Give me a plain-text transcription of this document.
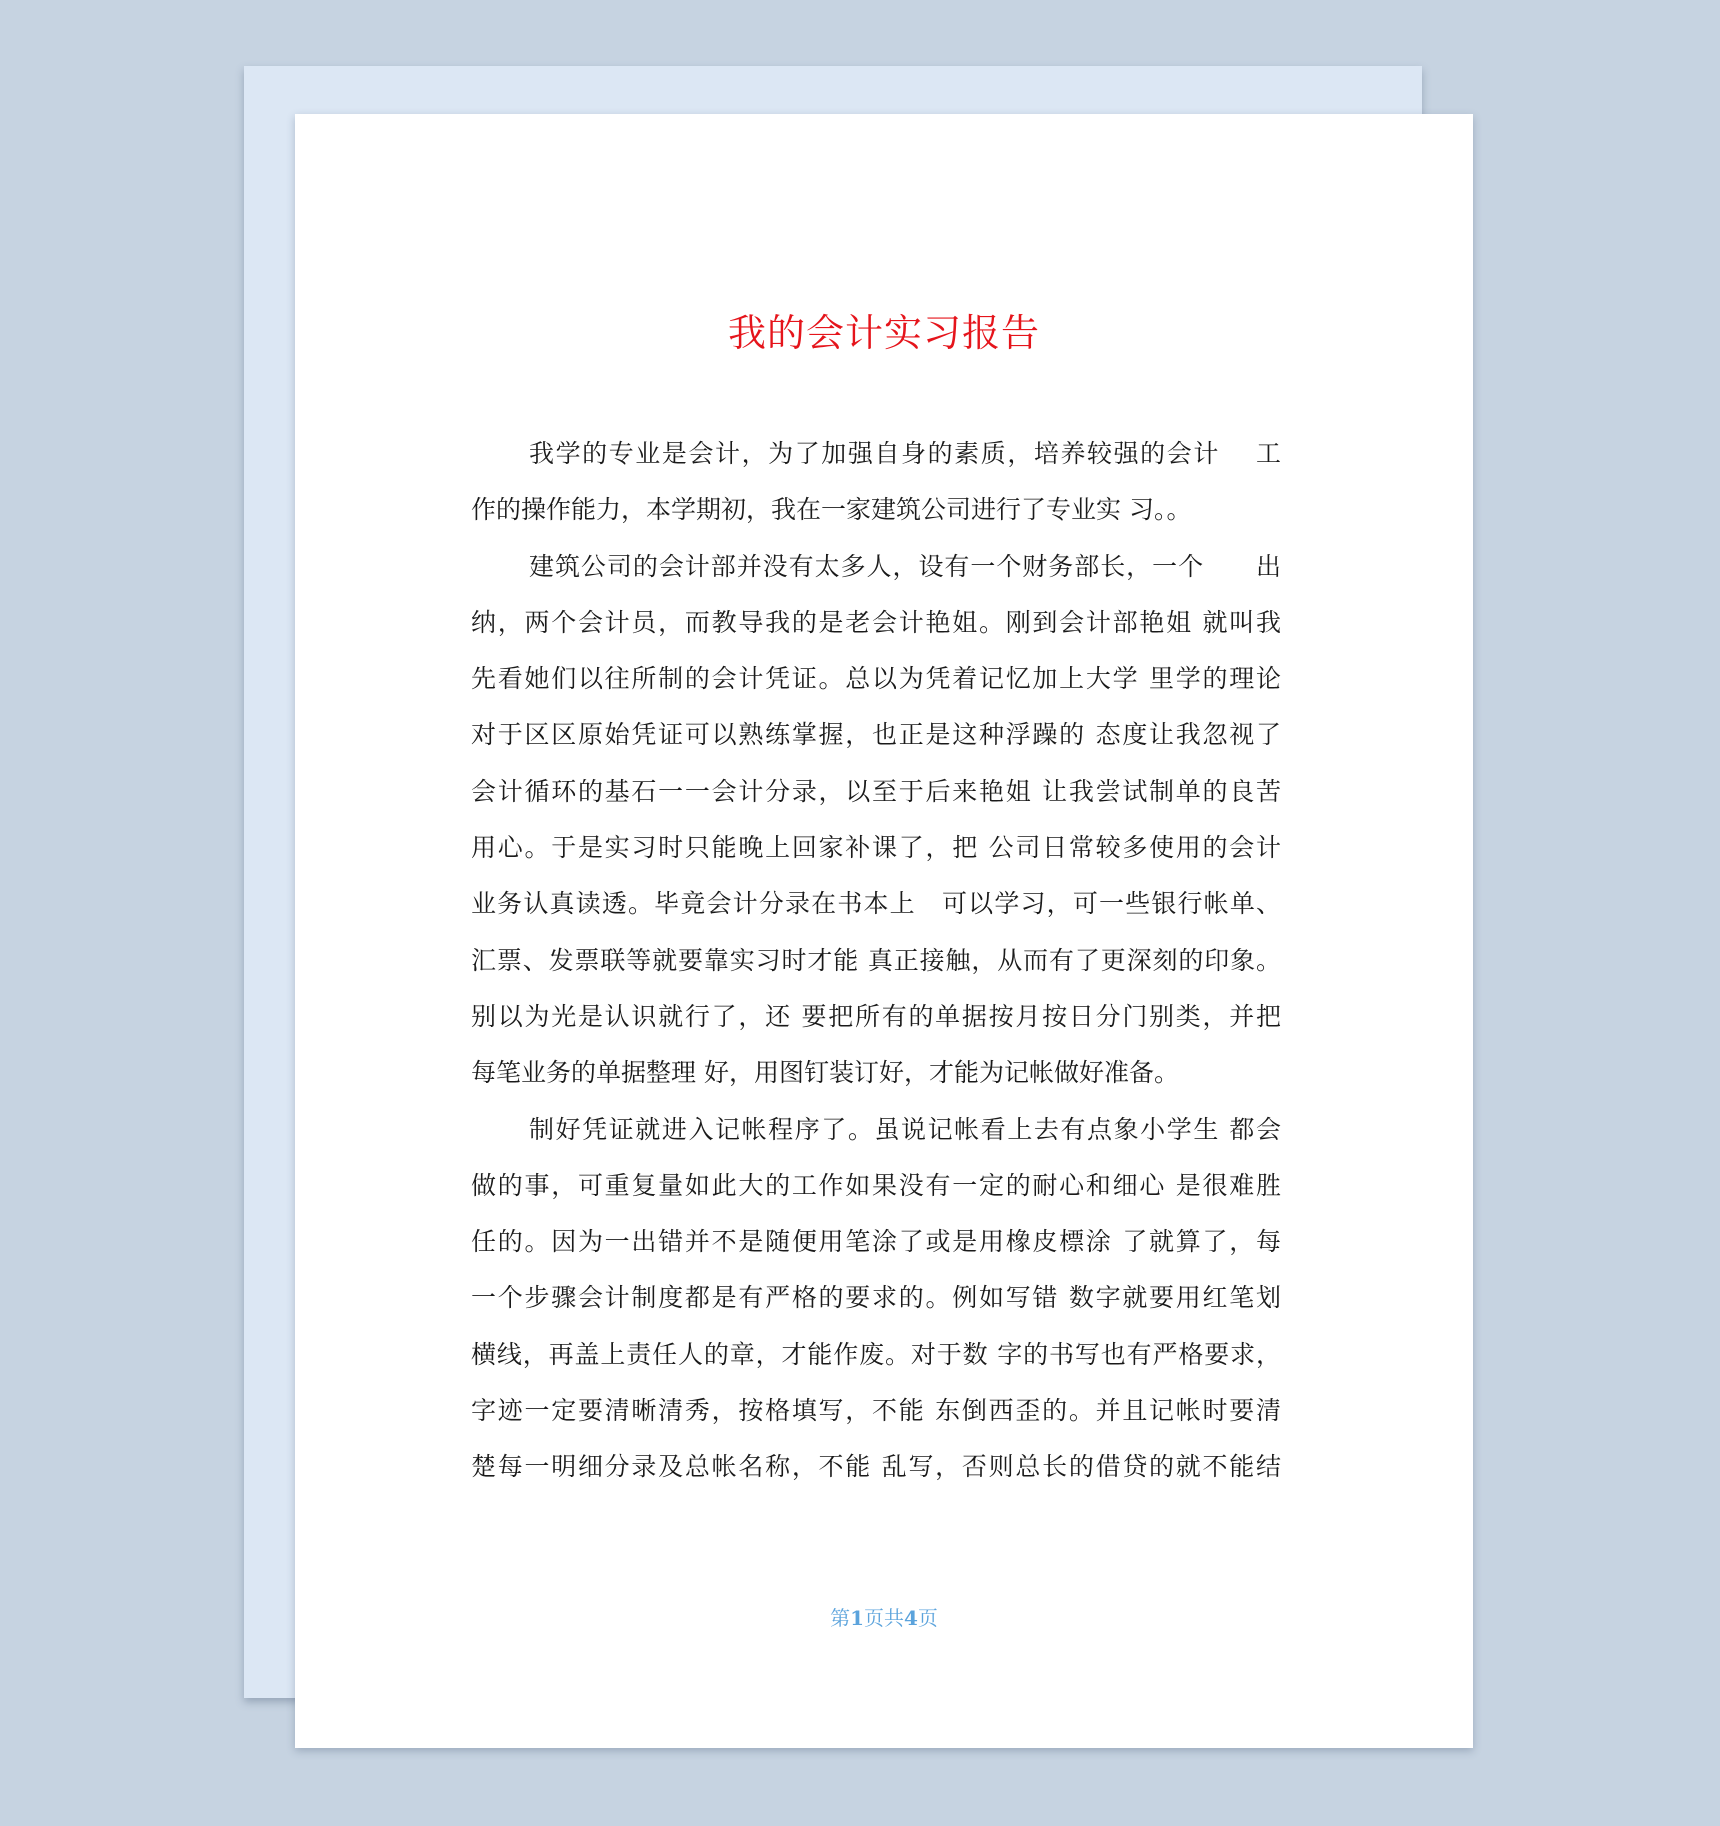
我的会计实习报告
我学的专业是会计，为了加强自身的素质，培养较强的会计　 工
作的操作能力，本学期初，我在一家建筑公司进行了专业实 习。。
建筑公司的会计部并没有太多人，设有一个财务部长，一个　　出
纳，两个会计员，而教导我的是老会计艳姐。刚到会计部艳姐 就叫我
先看她们以往所制的会计凭证。总以为凭着记忆加上大学 里学的理论
对于区区原始凭证可以熟练掌握，也正是这种浮躁的 态度让我忽视了
会计循环的基石一一会计分录，以至于后来艳姐 让我尝试制单的良苦
用心。于是实习时只能晚上回家补课了，把 公司日常较多使用的会计
业务认真读透。毕竟会计分录在书本上　可以学习，可一些银行帐单、
汇票、发票联等就要靠实习时才能 真正接触，从而有了更深刻的印象。
别以为光是认识就行了，还 要把所有的单据按月按日分门别类，并把
每笔业务的单据整理 好，用图钉装订好，才能为记帐做好准备。
制好凭证就进入记帐程序了。虽说记帐看上去有点象小学生 都会
做的事，可重复量如此大的工作如果没有一定的耐心和细心 是很难胜
任的。因为一出错并不是随便用笔涂了或是用橡皮標涂 了就算了，每
一个步骤会计制度都是有严格的要求的。例如写错 数字就要用红笔划
横线，再盖上责任人的章，才能作废。对于数 字的书写也有严格要求，
字迹一定要清晰清秀，按格填写，不能 东倒西歪的。并且记帐时要清
楚每一明细分录及总帐名称，不能 乱写，否则总长的借贷的就不能结
第1页共4页
